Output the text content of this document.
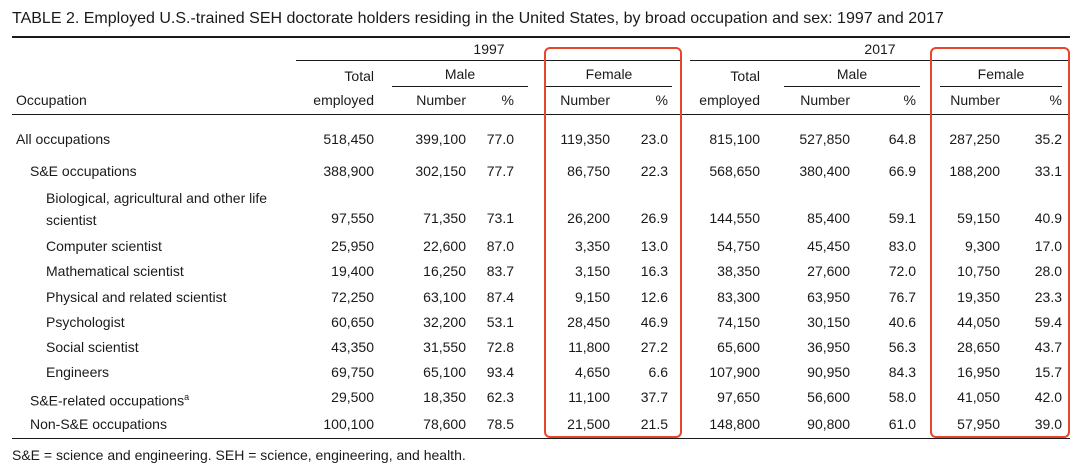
TABLE 2. Employed U.S.-trained SEH doctorate holders residing in the United States, by broad occupation and sex: 1997 and 2017
1997	2017
Total
employed
Male	Female	Total
employed
Male	Female
Occupation	Number	%	Number	%	Number	%	Number	%
All occupations	518,450	399,100	77.0	119,350	23.0	815,100	527,850	64.8	287,250	35.2
S&E occupations	388,900	302,150	77.7	86,750	22.3	568,650	380,400	66.9	188,200	33.1
Biological, agricultural and other life
scientist	97,550	71,350	73.1	26,200	26.9	144,550	85,400	59.1	59,150	40.9
Computer scientist	25,950	22,600	87.0	3,350	13.0	54,750	45,450	83.0	9,300	17.0
Mathematical scientist	19,400	16,250	83.7	3,150	16.3	38,350	27,600	72.0	10,750	28.0
Physical and related scientist	72,250	63,100	87.4	9,150	12.6	83,300	63,950	76.7	19,350	23.3
Psychologist	60,650	32,200	53.1	28,450	46.9	74,150	30,150	40.6	44,050	59.4
Social scientist	43,350	31,550	72.8	11,800	27.2	65,600	36,950	56.3	28,650	43.7
Engineers	69,750	65,100	93.4	4,650	6.6	107,900	90,950	84.3	16,950	15.7
S&E-related occupations$^a$	29,500	18,350	62.3	11,100	37.7	97,650	56,600	58.0	41,050	42.0
Non-S&E occupations	100,100	78,600	78.5	21,500	21.5	148,800	90,800	61.0	57,950	39.0
S&E = science and engineering. SEH = science, engineering, and health.
